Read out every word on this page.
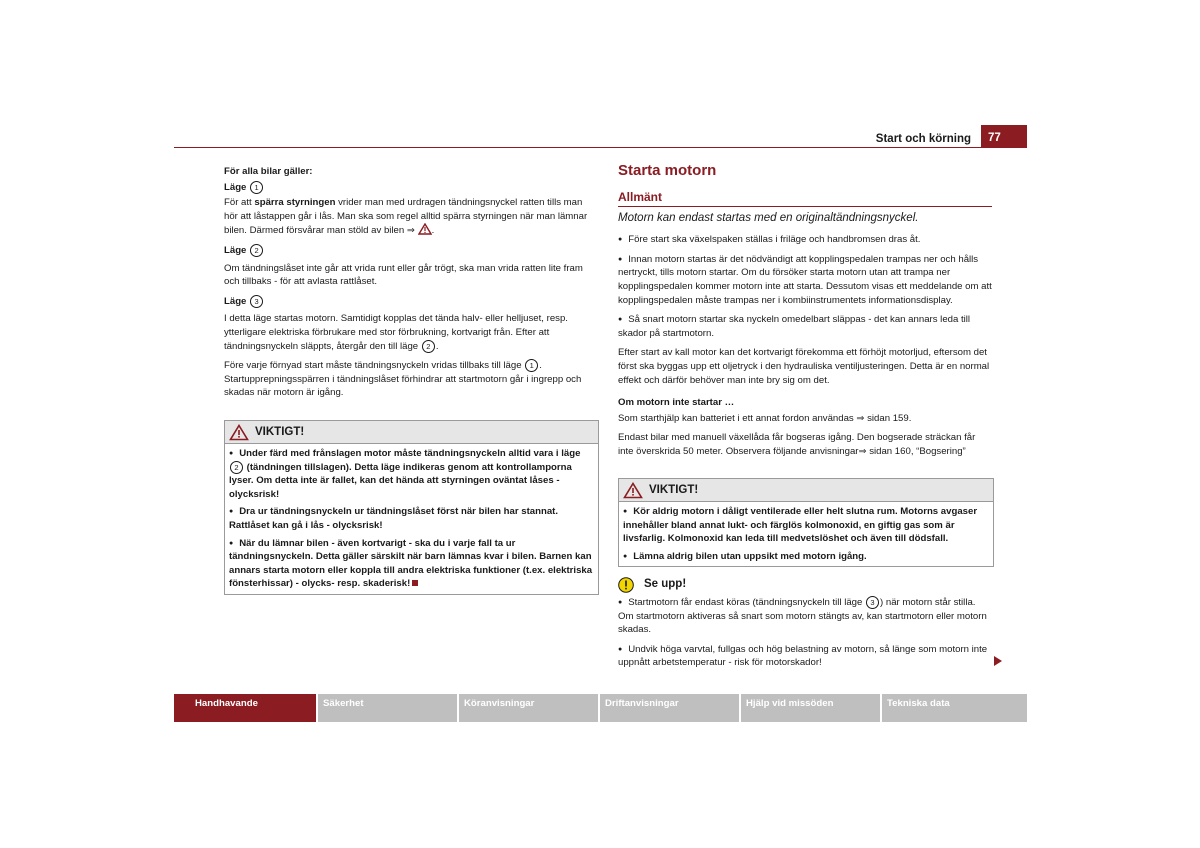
Start och körning	77

För alla bilar gäller:

Läge 1

För att spärra styrningen vrider man med urdragen tändningsnyckel ratten tills man hör att låstappen går i lås. Man ska som regel alltid spärra styrningen när man lämnar bilen. Därmed försvårar man stöld av bilen ⇒ .

Läge 2

Om tändningslåset inte går att vrida runt eller går trögt, ska man vrida ratten lite fram och tillbaks - för att avlasta rattlåset.

Läge 3

I detta läge startas motorn. Samtidigt kopplas det tända halv- eller helljuset, resp. ytterligare elektriska förbrukare med stor förbrukning, kortvarigt från. Efter att tändningsnyckeln släppts, återgår den till läge 2 .

Före varje förnyad start måste tändningsnyckeln vridas tillbaks till läge 1 . Startupprepningsspärren i tändningslåset förhindrar att startmotorn går i ingrepp och skadas när motorn är igång.

VIKTIGT!

● Under färd med frånslagen motor måste tändningsnyckeln alltid vara i läge 2 (tändningen tillslagen). Detta läge indikeras genom att kontrollamporna lyser. Om detta inte är fallet, kan det hända att styrningen oväntat låses - olycksrisk!

● Dra ur tändningsnyckeln ur tändningslåset först när bilen har stannat. Rattlåset kan gå i lås - olycksrisk!

● När du lämnar bilen - även kortvarigt - ska du i varje fall ta ur tändningsnyckeln. Detta gäller särskilt när barn lämnas kvar i bilen. Barnen kan annars starta motorn eller koppla till andra elektriska funktioner (t.ex. elektriska fönsterhissar) - olycks- resp. skaderisk!

Starta motorn
Allmänt

Motorn kan endast startas med en originaltändningsnyckel.

● Före start ska växelspaken ställas i friläge och handbromsen dras åt.

● Innan motorn startas är det nödvändigt att kopplingspedalen trampas ner och hålls nertryckt, tills motorn startar. Om du försöker starta motorn utan att trampa ner kopplingspedalen kommer motorn inte att starta. Dessutom visas ett meddelande om att kopplingspedalen måste trampas ner i kombiinstrumentets informationsdisplay.

● Så snart motorn startar ska nyckeln omedelbart släppas - det kan annars leda till skador på startmotorn.

Efter start av kall motor kan det kortvarigt förekomma ett förhöjt motorljud, eftersom det först ska byggas upp ett oljetryck i den hydrauliska ventiljusteringen. Detta är en normal effekt och därför behöver man inte bry sig om det.

Om motorn inte startar …

Som starthjälp kan batteriet i ett annat fordon användas ⇒ sidan 159.

Endast bilar med manuell växellåda får bogseras igång. Den bogserade sträckan får inte överskrida 50 meter. Observera följande anvisningar⇒ sidan 160, “Bogsering”

VIKTIGT!

● Kör aldrig motorn i dåligt ventilerade eller helt slutna rum. Motorns avgaser innehåller bland annat lukt- och färglös kolmonoxid, en giftig gas som är livsfarlig. Kolmonoxid kan leda till medvetslöshet och även till dödsfall.

● Lämna aldrig bilen utan uppsikt med motorn igång.

Se upp!

● Startmotorn får endast köras (tändningsnyckeln till läge 3 ) när motorn står stilla. Om startmotorn aktiveras så snart som motorn stängts av, kan startmotorn eller motorn skadas.

● Undvik höga varvtal, fullgas och hög belastning av motorn, så länge som motorn inte uppnått arbetstemperatur - risk för motorskador!

Handhavande	Säkerhet	Köranvisningar	Driftanvisningar	Hjälp vid missöden	Tekniska data
